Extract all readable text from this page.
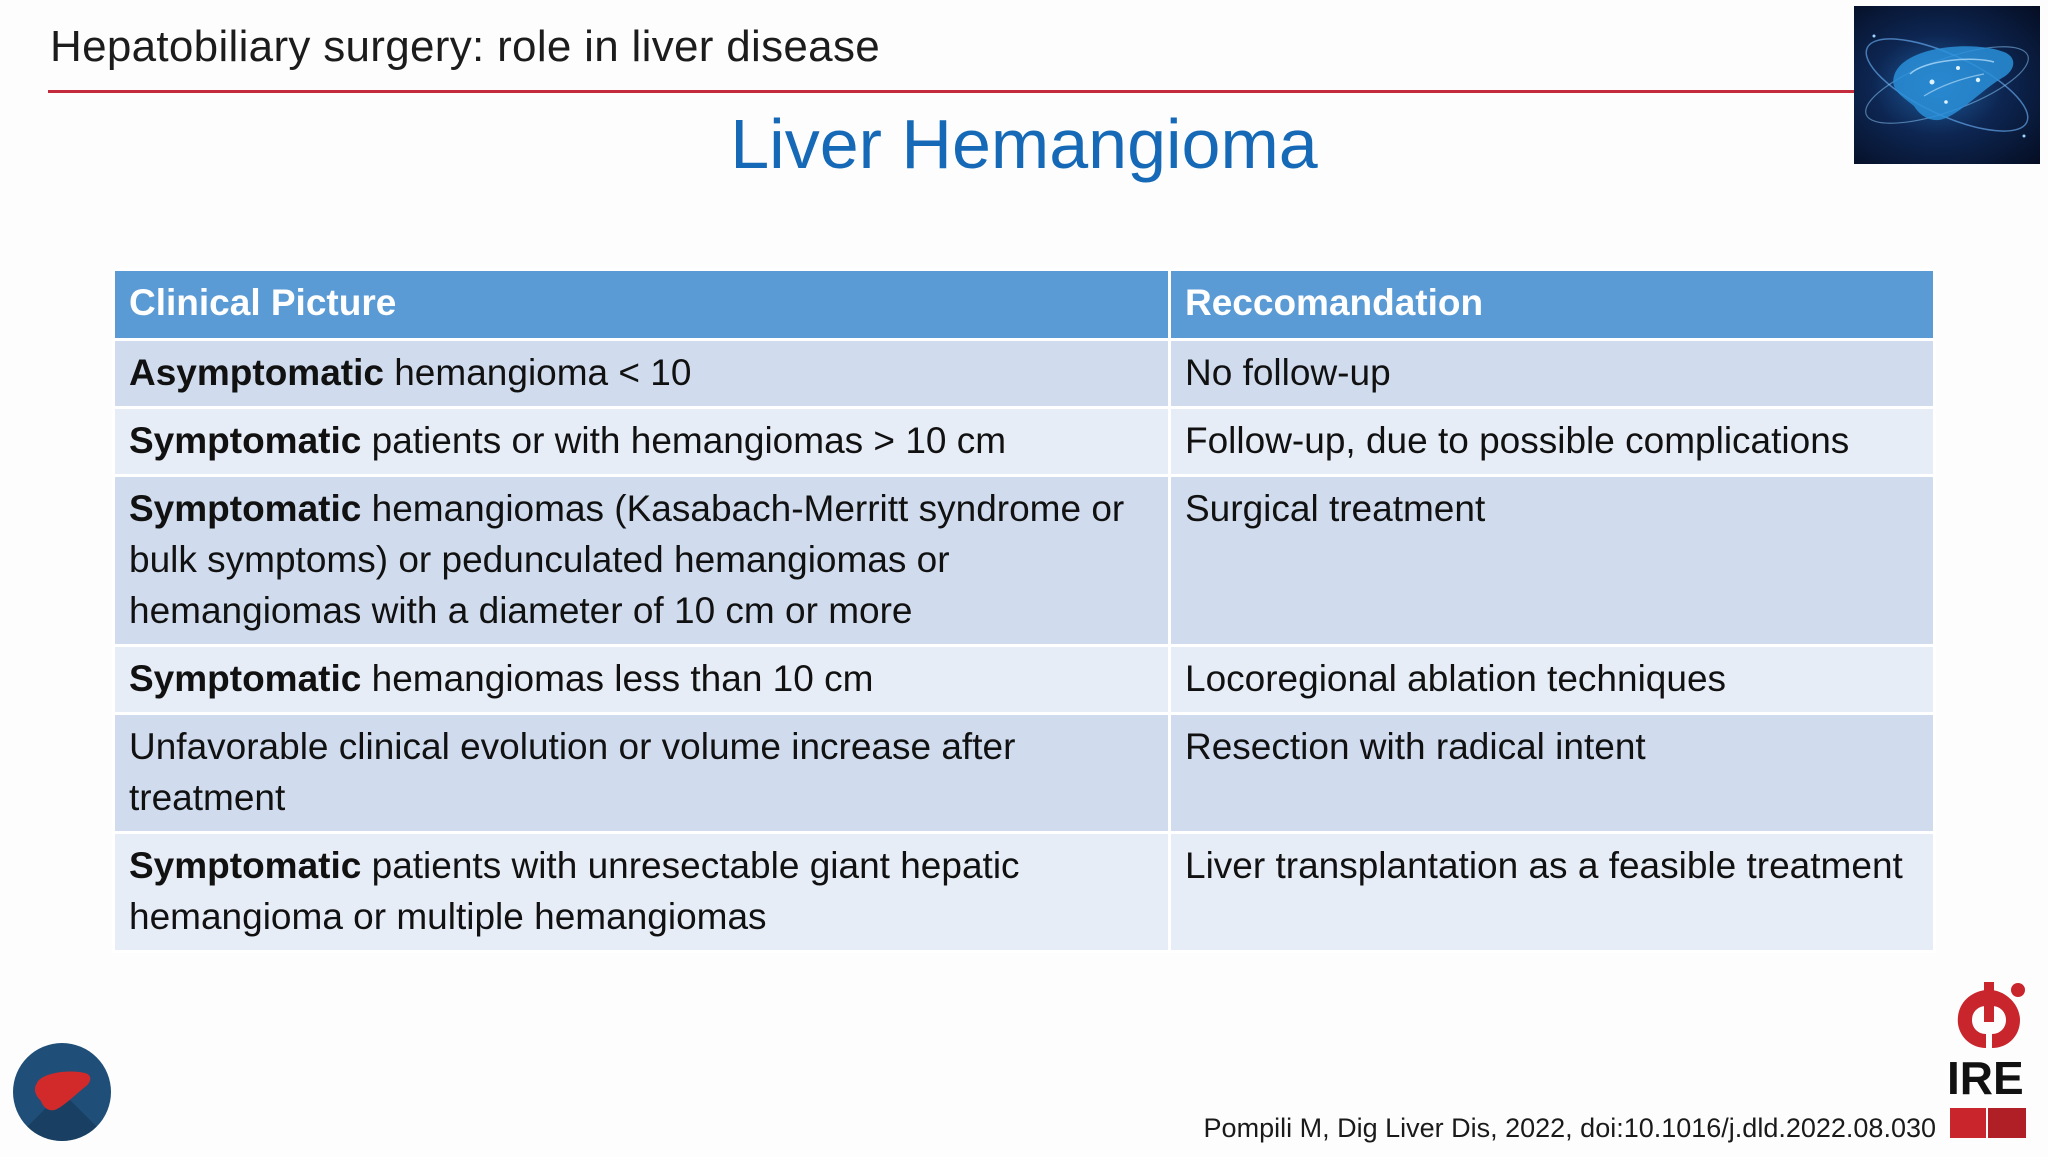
Hepatobiliary surgery: role in liver disease
Liver Hemangioma
Clinical Picture	Reccomandation
Asymptomatic hemangioma < 10	No follow-up
Symptomatic patients or with hemangiomas > 10 cm	Follow-up, due to possible complications
Symptomatic hemangiomas (Kasabach-Merritt syndrome or bulk symptoms) or pedunculated hemangiomas or hemangiomas with a diameter of 10 cm or more	Surgical treatment
Symptomatic hemangiomas less than 10 cm	Locoregional ablation techniques
Unfavorable clinical evolution or volume increase after treatment	Resection with radical intent
Symptomatic patients with unresectable giant hepatic hemangioma or multiple hemangiomas	Liver transplantation as a feasible treatment
Pompili M, Dig Liver Dis, 2022, doi:10.1016/j.dld.2022.08.030
IRE
